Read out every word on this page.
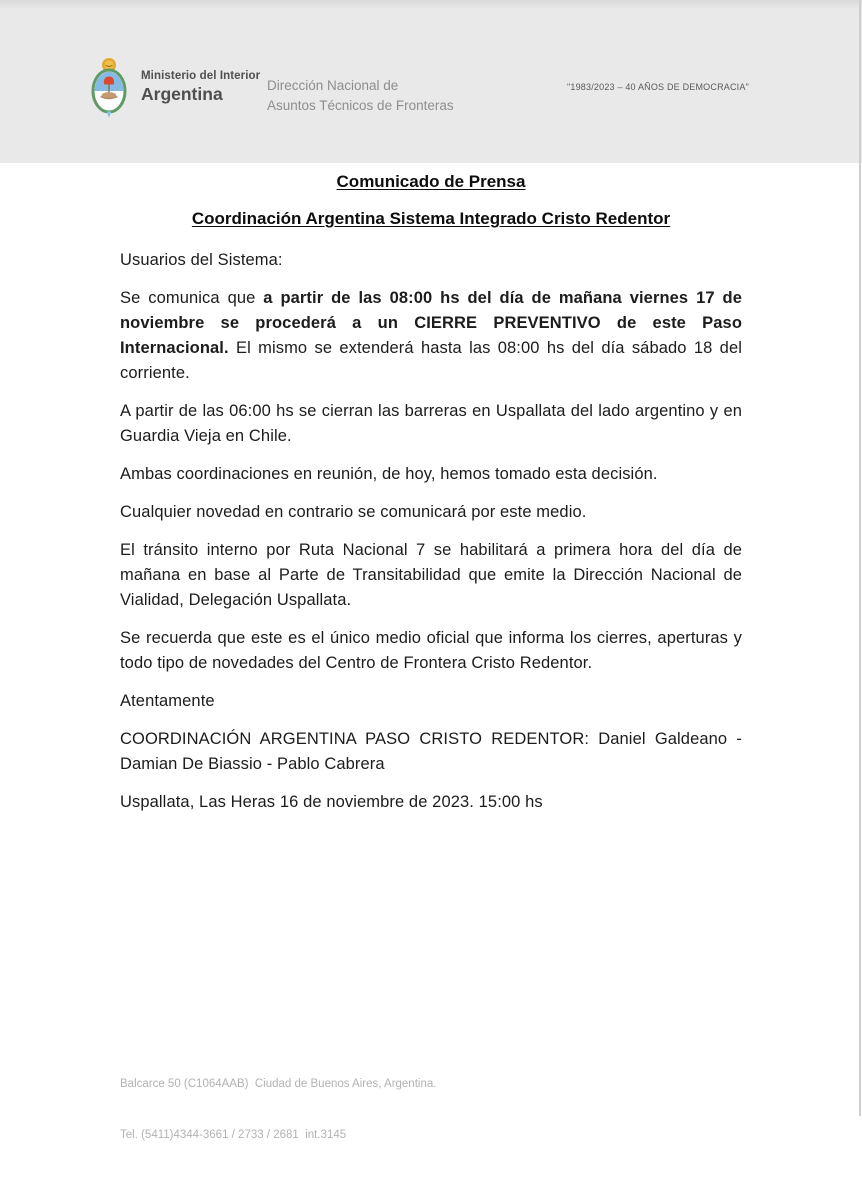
Ministerio del Interior
Argentina	Dirección Nacional de
Asuntos Técnicos de Fronteras
"1983/2023 – 40 AÑOS DE DEMOCRACIA"
Comunicado de Prensa
Coordinación Argentina Sistema Integrado Cristo Redentor

Usuarios del Sistema:

Se comunica que a partir de las 08:00 hs del día de mañana viernes 17 de noviembre se procederá a un CIERRE PREVENTIVO de este Paso Internacional. El mismo se extenderá hasta las 08:00 hs del día sábado 18 del corriente.

A partir de las 06:00 hs se cierran las barreras en Uspallata del lado argentino y en Guardia Vieja en Chile.

Ambas coordinaciones en reunión, de hoy, hemos tomado esta decisión.

Cualquier novedad en contrario se comunicará por este medio.

El tránsito interno por Ruta Nacional 7 se habilitará a primera hora del día de mañana en base al Parte de Transitabilidad que emite la Dirección Nacional de Vialidad, Delegación Uspallata.

Se recuerda que este es el único medio oficial que informa los cierres, aperturas y todo tipo de novedades del Centro de Frontera Cristo Redentor.

Atentamente

COORDINACIÓN ARGENTINA PASO CRISTO REDENTOR: Daniel Galdeano - Damian De Biassio - Pablo Cabrera

Uspallata, Las Heras 16 de noviembre de 2023. 15:00 hs

Balcarce 50 (C1064AAB)  Ciudad de Buenos Aires, Argentina.

Tel. (5411)4344-3661 / 2733 / 2681  int.3145
